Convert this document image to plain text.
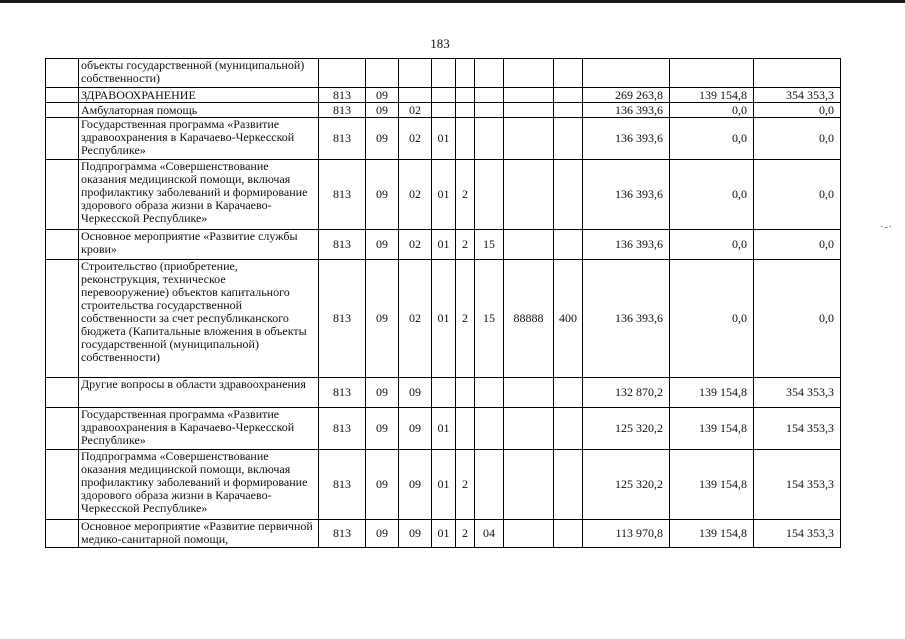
183
·-·
	объекты государственной (муниципальной) собственности)											
	ЗДРАВООХРАНЕНИЕ	813	09							269 263,8	139 154,8	354 353,3
	Амбулаторная помощь	813	09	02						136 393,6	0,0	0,0
	Государственная программа «Развитие здравоохранения в Карачаево-Черкесской Республике»	813	09	02	01					136 393,6	0,0	0,0
	Подпрограмма «Совершенствование оказания медицинской помощи, включая профилактику заболеваний и формирование здорового образа жизни в Карачаево-Черкесской Республике»	813	09	02	01	2				136 393,6	0,0	0,0
	Основное мероприятие «Развитие службы крови»	813	09	02	01	2	15			136 393,6	0,0	0,0
	Строительство (приобретение, реконструкция, техническое перевооружение) объектов капитального строительства государственной собственности за счет республиканского бюджета (Капитальные вложения в объекты государственной (муниципальной) собственности)	813	09	02	01	2	15	88888	400	136 393,6	0,0	0,0
	Другие вопросы в области здравоохранения	813	09	09						132 870,2	139 154,8	354 353,3
	Государственная программа «Развитие здравоохранения в Карачаево-Черкесской Республике»	813	09	09	01					125 320,2	139 154,8	154 353,3
	Подпрограмма «Совершенствование оказания медицинской помощи, включая профилактику заболеваний и формирование здорового образа жизни в Карачаево-Черкесской Республике»	813	09	09	01	2				125 320,2	139 154,8	154 353,3
	Основное мероприятие «Развитие первичной медико-санитарной помощи,	813	09	09	01	2	04			113 970,8	139 154,8	154 353,3
